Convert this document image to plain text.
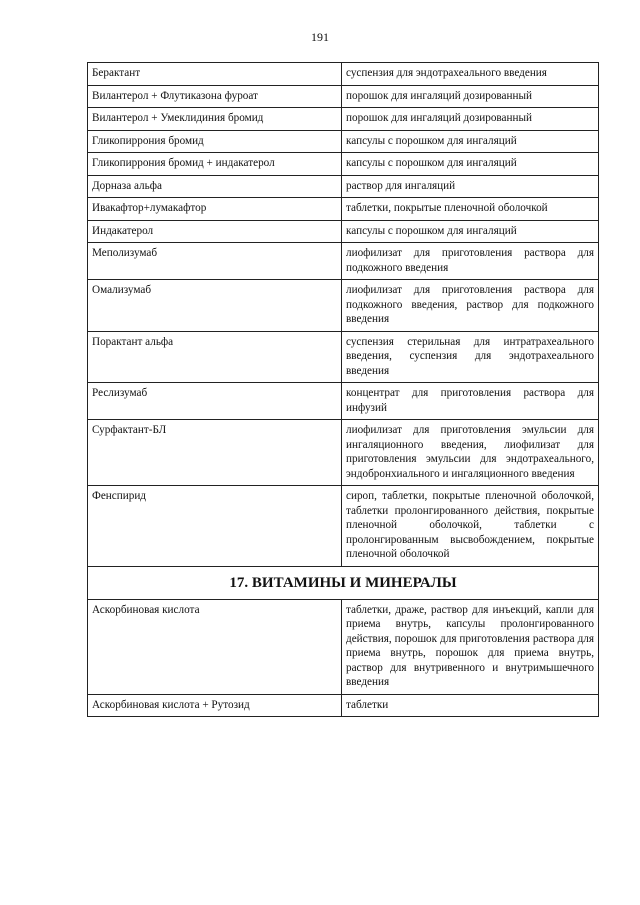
191
Берактант	суспензия для эндотрахеального введения
Вилантерол + Флутиказона фуроат	порошок для ингаляций дозированный
Вилантерол + Умеклидиния бромид	порошок для ингаляций дозированный
Гликопиррония бромид	капсулы с порошком для ингаляций
Гликопиррония бромид + индакатерол	капсулы с порошком для ингаляций
Дорназа альфа	раствор для ингаляций
Ивакафтор+лумакафтор	таблетки, покрытые пленочной оболочкой
Индакатерол	капсулы с порошком для ингаляций
Меполизумаб	лиофилизат для приготовления раствора для подкожного введения
Омализумаб	лиофилизат для приготовления раствора для подкожного введения, раствор для подкожного введения
Порактант альфа	суспензия стерильная для интратрахеального введения, суспензия для эндотрахеального введения
Реслизумаб	концентрат для приготовления раствора для инфузий
Сурфактант-БЛ	лиофилизат для приготовления эмульсии для ингаляционного введения, лиофилизат для приготовления эмульсии для эндотрахеального, эндобронхиального и ингаляционного введения
Фенспирид	сироп, таблетки, покрытые пленочной оболочкой, таблетки пролонгированного действия, покрытые пленочной оболочкой, таблетки с пролонгированным высвобождением, покрытые пленочной оболочкой
17. ВИТАМИНЫ И МИНЕРАЛЫ	
Аскорбиновая кислота	таблетки, драже, раствор для инъекций, капли для приема внутрь, капсулы пролонгированного действия, порошок для приготовления раствора для приема внутрь, порошок для приема внутрь, раствор для внутривенного и внутримышечного введения
Аскорбиновая кислота + Рутозид	таблетки
